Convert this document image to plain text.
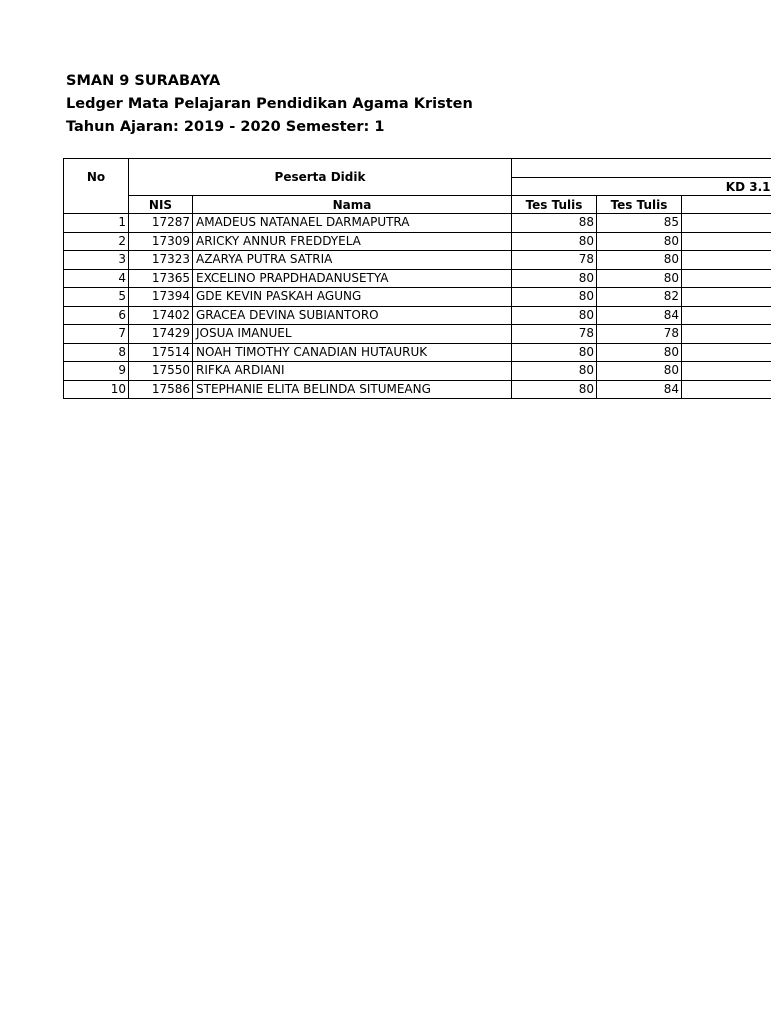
SMAN 9 SURABAYA
Ledger Mata Pelajaran Pendidikan Agama Kristen
Tahun Ajaran: 2019 - 2020 Semester: 1
No	Peserta Didik				
			KD 3.1		
	NIS	Nama	Tes Tulis	Tes Tulis	
1	17287	AMADEUS NATANAEL DARMAPUTRA	88	85	
2	17309	ARICKY ANNUR FREDDYELA	80	80	
3	17323	AZARYA PUTRA SATRIA	78	80	
4	17365	EXCELINO PRAPDHADANUSETYA	80	80	
5	17394	GDE KEVIN PASKAH AGUNG	80	82	
6	17402	GRACEA DEVINA SUBIANTORO	80	84	
7	17429	JOSUA IMANUEL	78	78	
8	17514	NOAH TIMOTHY CANADIAN HUTAURUK	80	80	
9	17550	RIFKA ARDIANI	80	80	
10	17586	STEPHANIE ELITA BELINDA SITUMEANG	80	84	
